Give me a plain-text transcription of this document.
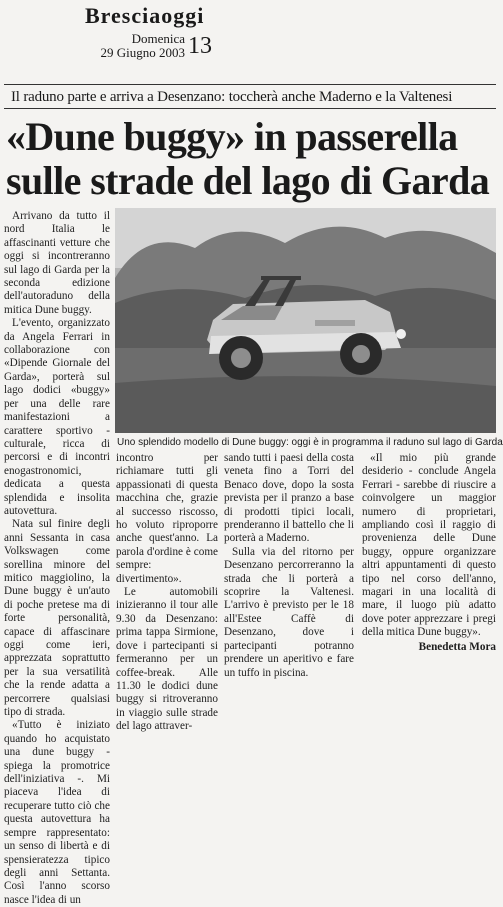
Bresciaoggi
Domenica
29 Giugno 2003 13
Il raduno parte e arriva a Desenzano: toccherà anche Maderno e la Valtenesi
«Dune buggy» in passerella
sulle strade del lago di Garda

Arrivano da tutto il nord Italia le affascinanti vetture che oggi si incontreranno sul lago di Garda per la seconda edizione dell'autoraduno della mitica Dune buggy.

L'evento, organizzato da Angela Ferrari in collaborazione con «Dipende Giornale del Garda», porterà sul lago dodici «buggy» per una delle rare manifestazioni a carattere sportivo - culturale, ricca di percorsi e di incontri enogastronomici, dedicata a questa splendida e insolita autovettura.

Nata sul finire degli anni Sessanta in casa Volkswagen come sorellina minore del mitico maggiolino, la Dune buggy è un'auto di poche pretese ma di forte personalità, capace di affascinare oggi come ieri, apprezzata soprattutto per la sua versatilità che la rende adatta a percorrere qualsiasi tipo di strada.

«Tutto è iniziato quando ho acquistato una dune buggy - spiega la promotrice dell'iniziativa -. Mi piaceva l'idea di recuperare tutto ciò che questa autovettura ha sempre rappresentato: un senso di libertà e di spensieratezza tipico degli anni Settanta. Così l'anno scorso nasce l'idea di un

Uno splendido modello di Dune buggy: oggi è in programma il raduno sul lago di Garda

incontro per richiamare tutti gli appassionati di questa macchina che, grazie al successo riscosso, ho voluto riproporre anche quest'anno. La parola d'ordine è come sempre: divertimento».

Le automobili inizieranno il tour alle 9.30 da Desenzano: prima tappa Sirmione, dove i partecipanti si fermeranno per un coffee-break. Alle 11.30 le dodici dune buggy si ritroveranno in viaggio sulle strade del lago attraver-

sando tutti i paesi della costa veneta fino a Torri del Benaco dove, dopo la sosta prevista per il pranzo a base di prodotti tipici locali, prenderanno il battello che li porterà a Maderno.

Sulla via del ritorno per Desenzano percorreranno la strada che li porterà a scoprire la Valtenesi. L'arrivo è previsto per le 18 all'Estee Caffè di Desenzano, dove i partecipanti potranno prendere un aperitivo e fare un tuffo in piscina.

«Il mio più grande desiderio - conclude Angela Ferrari - sarebbe di riuscire a coinvolgere un maggior numero di proprietari, ampliando così il raggio di provenienza delle Dune buggy, oppure organizzare altri appuntamenti di questo tipo nel corso dell'anno, magari in una località di mare, il luogo più adatto dove poter apprezzare i pregi della mitica Dune buggy».

Benedetta Mora
